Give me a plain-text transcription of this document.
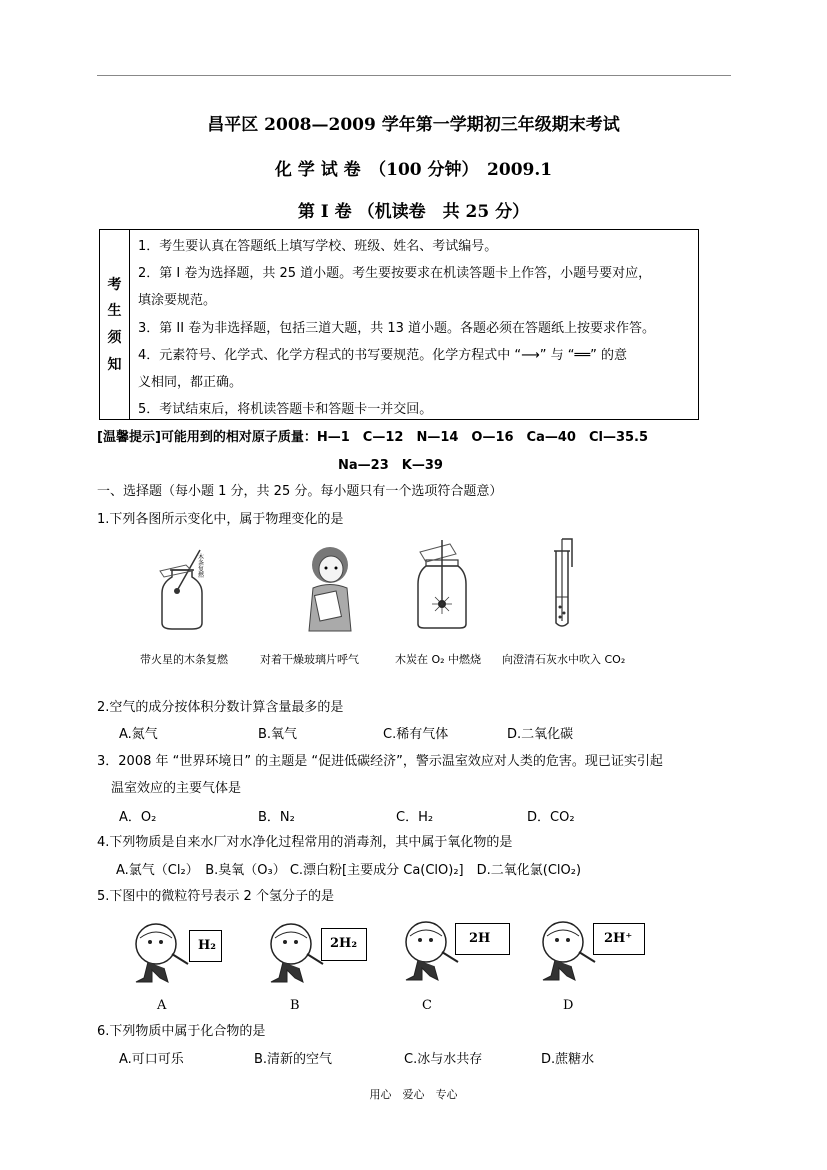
昌平区 2008—2009 学年第一学期初三年级期末考试
化 学 试 卷　（100 分钟）　2009.1
第 I 卷 （机读卷　共 25 分）
考
生
须
知
1．考生要认真在答题纸上填写学校、班级、姓名、考试编号。
2．第 I 卷为选择题，共 25 道小题。考生要按要求在机读答题卡上作答，小题号要对应，
填涂要规范。
3．第 II 卷为非选择题，包括三道大题，共 13 道小题。各题必须在答题纸上按要求作答。
4．元素符号、化学式、化学方程式的书写要规范。化学方程式中 “⟶” 与 “══” 的意
义相同，都正确。
5．考试结束后，将机读答题卡和答题卡一并交回。
[温馨提示]可能用到的相对原子质量：H—1　C—12　N—14　O—16　Ca—40　Cl—35.5
Na—23　K—39
一、选择题（每小题 1 分，共 25 分。每小题只有一个选项符合题意）
1.下列各图所示变化中，属于物理变化的是
木条复燃
带火星的木条复燃	对着干燥玻璃片呼气	木炭在 O₂ 中燃烧 向澄清石灰水中吹入 CO₂
2.空气的成分按体积分数计算含量最多的是
A.氮气	B.氧气	C.稀有气体	D.二氧化碳
3．2008 年 “世界环境日” 的主题是 “促进低碳经济”，警示温室效应对人类的危害。现已证实引起
温室效应的主要气体是
A．O₂	B．N₂	C．H₂	D．CO₂
4.下列物质是自来水厂对水净化过程常用的消毒剂，其中属于氧化物的是
A.氯气（Cl₂）　B.臭氧（O₃） C.漂白粉[主要成分 Ca(ClO)₂]　D.二氧化氯(ClO₂)
5.下图中的微粒符号表示 2 个氢分子的是
H₂
A
2H₂
B
2H
C
2H⁺
D
6.下列物质中属于化合物的是
A.可口可乐	B.清新的空气	C.冰与水共存	D.蔗糖水
用心　爱心　专心
